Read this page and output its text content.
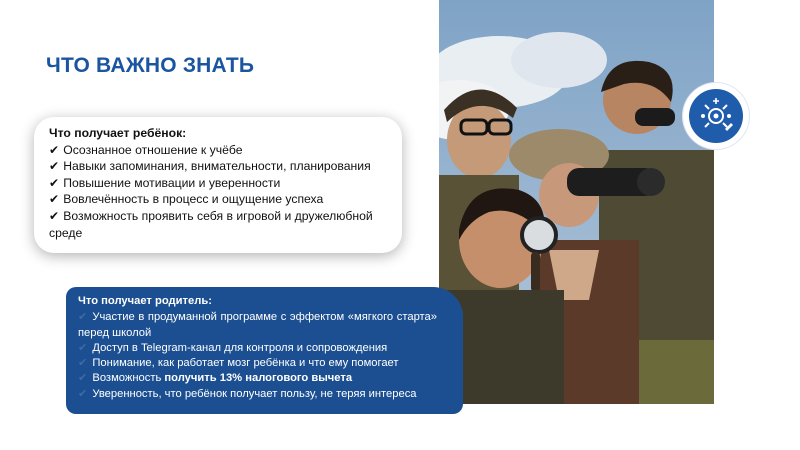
ЧТО ВАЖНО ЗНАТЬ
Что получает ребёнок:
✔ Осознанное отношение к учёбе
✔ Навыки запоминания, внимательности, планирования
✔ Повышение мотивации и уверенности
✔ Вовлечённость в процесс и ощущение успеха
✔ Возможность проявить себя в игровой и дружелюбной среде
Что получает родитель:
✔ Участие в продуманной программе с эффектом «мягкого старта» перед школой
✔ Доступ в Telegram-канал для контроля и сопровождения
✔ Понимание, как работает мозг ребёнка и что ему помогает
✔ Возможность получить 13% налогового вычета
✔ Уверенность, что ребёнок получает пользу, не теряя интереса
